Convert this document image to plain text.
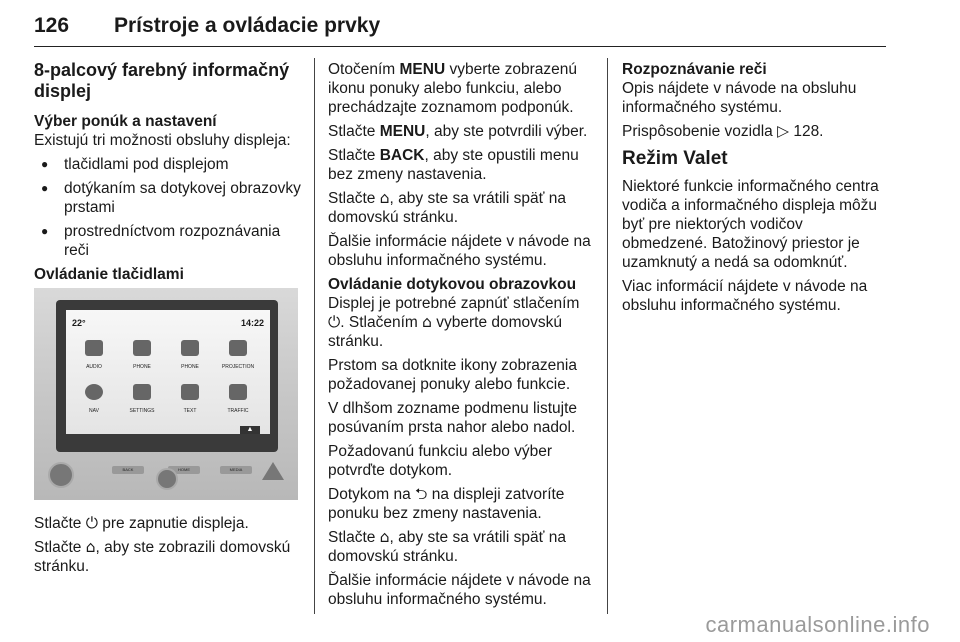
126 Prístroje a ovládacie prvky
8-palcový farebný informačný displej
Výber ponúk a nastavení

Existujú tri možnosti obsluhy displeja:

● tlačidlami pod displejom
● dotýkaním sa dotykovej obrazovky prstami
● prostredníctvom rozpoznávania reči
Ovládanie tlačidlami
22°	14:22
AUDIO	PHONE	PHONE	PROJECTION
NAV	SETTINGS	TEXT	TRAFFIC
▲
BACK	HOME	MEDIA

Stlačte ⏻ pre zapnutie displeja.

Stlačte ⌂, aby ste zobrazili domovskú stránku.

Otočením MENU vyberte zobrazenú ikonu ponuky alebo funkciu, alebo prechádzajte zoznamom podponúk.

Stlačte MENU, aby ste potvrdili výber.

Stlačte BACK, aby ste opustili menu bez zmeny nastavenia.

Stlačte ⌂, aby ste sa vrátili späť na domovskú stránku.

Ďalšie informácie nájdete v návode na obsluhu informačného systému.

Ovládanie dotykovou obrazovkou

Displej je potrebné zapnúť stlačením ⏻. Stlačením ⌂ vyberte domovskú stránku.

Prstom sa dotknite ikony zobrazenia požadovanej ponuky alebo funkcie.

V dlhšom zozname podmenu listujte posúvaním prsta nahor alebo nadol.

Požadovanú funkciu alebo výber potvrďte dotykom.

Dotykom na ⮌ na displeji zatvoríte ponuku bez zmeny nastavenia.

Stlačte ⌂, aby ste sa vrátili späť na domovskú stránku.

Ďalšie informácie nájdete v návode na obsluhu informačného systému.

Rozpoznávanie reči

Opis nájdete v návode na obsluhu informačného systému.

Prispôsobenie vozidla ▷ 128.

Režim Valet

Niektoré funkcie informačného centra vodiča a informačného displeja môžu byť pre niektorých vodičov obmedzené. Batožinový priestor je uzamknutý a nedá sa odomknúť.

Viac informácií nájdete v návode na obsluhu informačného systému.

carmanualsonline.info
